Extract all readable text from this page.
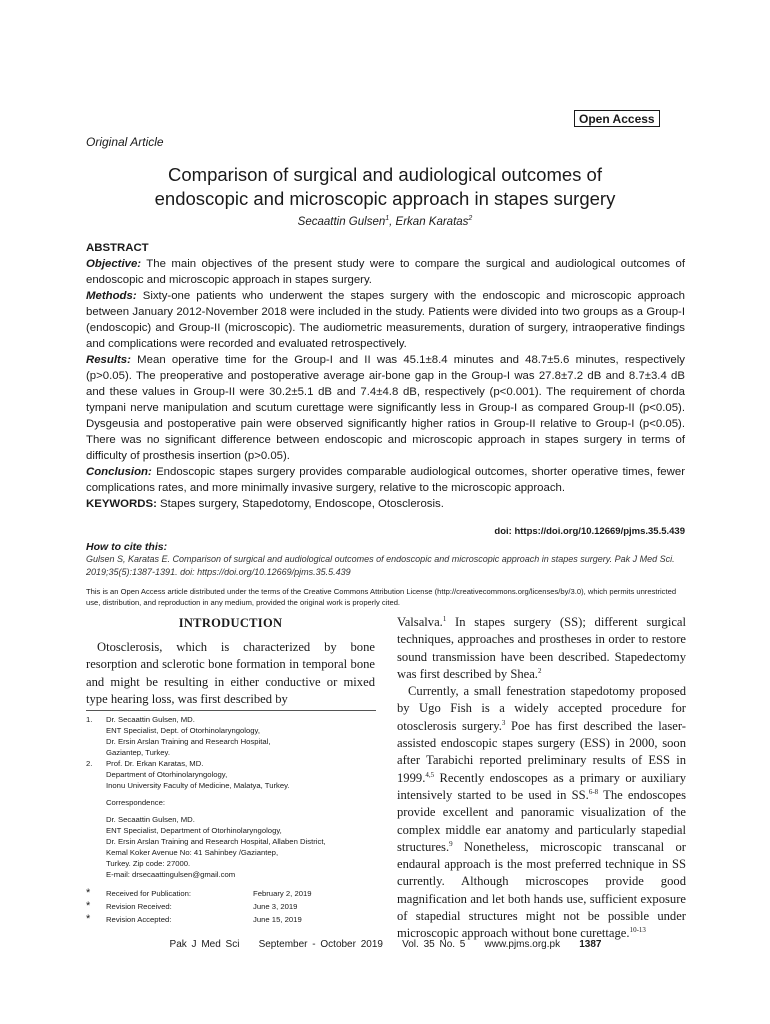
Open Access
Original Article
Comparison of surgical and audiological outcomes of
endoscopic and microscopic approach in stapes surgery
Secaattin Gulsen$^1$, Erkan Karatas$^2$
ABSTRACT

Objective: The main objectives of the present study were to compare the surgical and audiological outcomes of endoscopic and microscopic approach in stapes surgery.

Methods: Sixty-one patients who underwent the stapes surgery with the endoscopic and microscopic approach between January 2012-November 2018 were included in the study. Patients were divided into two groups as a Group-I (endoscopic) and Group-II (microscopic). The audiometric measurements, duration of surgery, intraoperative findings and complications were recorded and evaluated retrospectively.

Results: Mean operative time for the Group-I and II was 45.1±8.4 minutes and 48.7±5.6 minutes, respectively (p>0.05). The preoperative and postoperative average air-bone gap in the Group-I was 27.8±7.2 dB and 8.7±3.4 dB and these values in Group-II were 30.2±5.1 dB and 7.4±4.8 dB, respectively (p<0.001). The requirement of chorda tympani nerve manipulation and scutum curettage were significantly less in Group-I as compared Group-II (p<0.05). Dysgeusia and postoperative pain were observed significantly higher ratios in Group-II relative to Group-I (p<0.05). There was no significant difference between endoscopic and microscopic approach in stapes surgery in terms of difficulty of prosthesis insertion (p>0.05).

Conclusion: Endoscopic stapes surgery provides comparable audiological outcomes, shorter operative times, fewer complications rates, and more minimally invasive surgery, relative to the microscopic approach.

KEYWORDS: Stapes surgery, Stapedotomy, Endoscope, Otosclerosis.
doi: https://doi.org/10.12669/pjms.35.5.439
How to cite this:
Gulsen S, Karatas E. Comparison of surgical and audiological outcomes of endoscopic and microscopic approach in stapes surgery. Pak J Med Sci. 2019;35(5):1387-1391. doi: https://doi.org/10.12669/pjms.35.5.439
This is an Open Access article distributed under the terms of the Creative Commons Attribution License (http://creativecommons.org/licenses/by/3.0), which permits unrestricted use, distribution, and reproduction in any medium, provided the original work is properly cited.
INTRODUCTION

Otosclerosis, which is characterized by bone resorption and sclerotic bone formation in temporal bone and might be resulting in either conductive or mixed type hearing loss, was first described by

1.	Dr. Secaattin Gulsen, MD.
ENT Specialist, Dept. of Otorhinolaryngology,
Dr. Ersin Arslan Training and Research Hospital,
Gaziantep, Turkey.
2.	Prof. Dr. Erkan Karatas, MD.
Department of Otorhinolaryngology,
Inonu University Faculty of Medicine, Malatya, Turkey.
Correspondence:
Dr. Secaattin Gulsen, MD.
ENT Specialist, Department of Otorhinolaryngology,
Dr. Ersin Arslan Training and Research Hospital, Allaben District,
Kemal Koker Avenue No: 41 Sahinbey /Gaziantep,
Turkey. Zip code: 27000.
E-mail: drsecaattingulsen@gmail.com
*	Received for Publication:	February 2, 2019
*	Revision Received:	June 3, 2019
*	Revision Accepted:	June 15, 2019

Valsalva.$^1$ In stapes surgery (SS); different surgical techniques, approaches and prostheses in order to restore sound transmission have been described. Stapedectomy was first described by Shea.$^2$

Currently, a small fenestration stapedotomy proposed by Ugo Fish is a widely accepted procedure for otosclerosis surgery.$^3$ Poe has first described the laser-assisted endoscopic stapes surgery (ESS) in 2000, soon after Tarabichi reported preliminary results of ESS in 1999.$^{4,5}$ Recently endoscopes as a primary or auxiliary intensively started to be used in SS.$^{6-8}$ The endoscopes provide excellent and panoramic visualization of the complex middle ear anatomy and particularly stapedial structures.$^9$ Nonetheless, microscopic transcanal or endaural approach is the most preferred technique in SS currently. Although microscopes provide good magnification and let both hands use, sufficient exposure of stapedial structures might not be possible under microscopic approach without bone curettage.$^{10-13}$

Pak J Med Sci September - October 2019 Vol. 35 No. 5 www.pjms.org.pk 1387
